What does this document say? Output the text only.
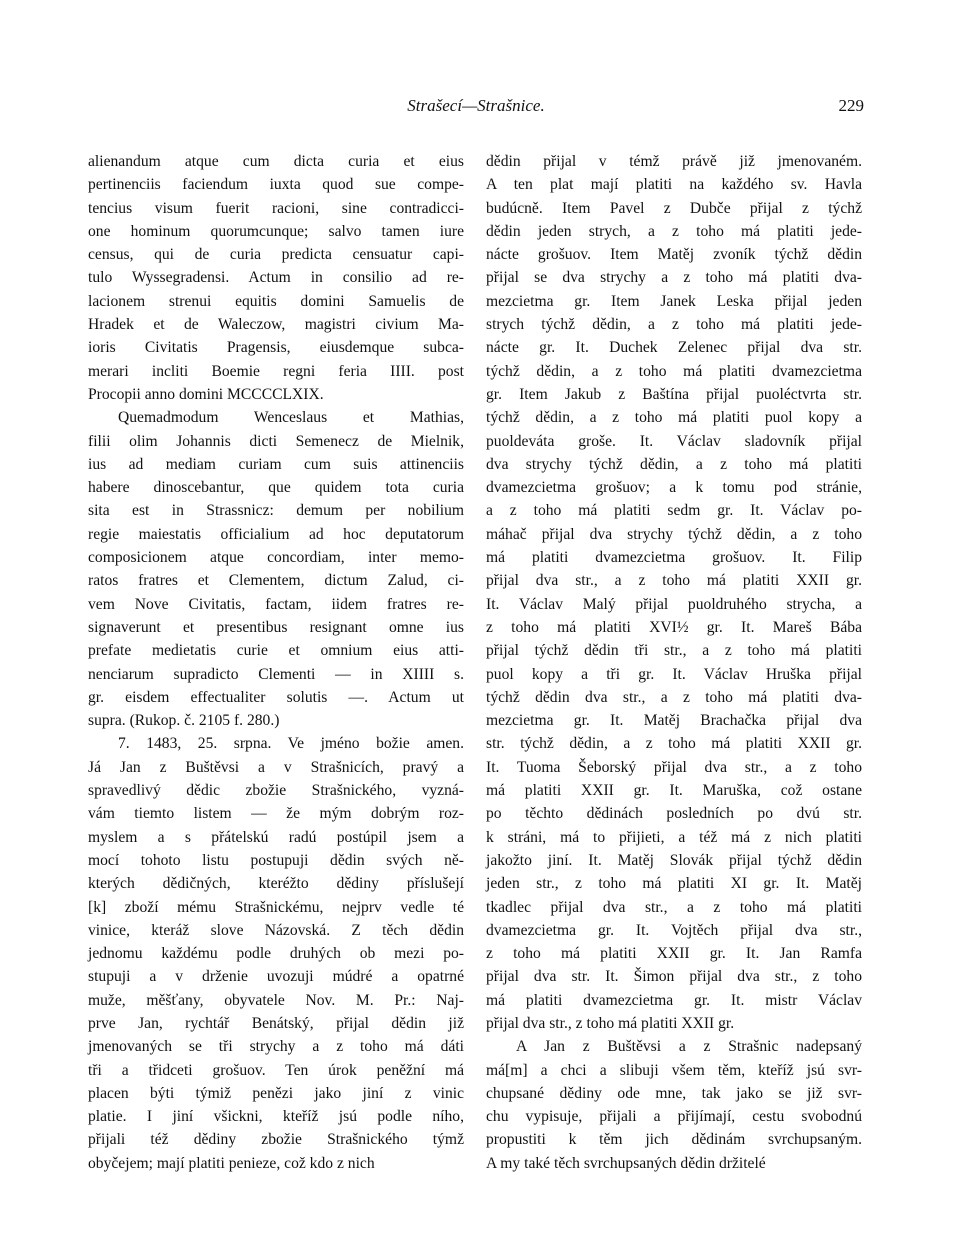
Strašecí—Strašnice.	229
alienandum atque cum dicta curia et eius
pertinenciis faciendum iuxta quod sue compe-
tencius visum fuerit racioni, sine contradicci-
one hominum quorumcunque; salvo tamen iure
census, qui de curia predicta censuatur capi-
tulo Wyssegradensi. Actum in consilio ad re-
lacionem strenui equitis domini Samuelis de
Hradek et de Waleczow, magistri civium Ma-
ioris Civitatis Pragensis, eiusdemque subca-
merari incliti Boemie regni feria IIII. post
Procopii anno domini MCCCCLXIX.
Quemadmodum Wenceslaus et Mathias,
filii olim Johannis dicti Semenecz de Mielnik,
ius ad mediam curiam cum suis attinenciis
habere dinoscebantur, que quidem tota curia
sita est in Strassnicz: demum per nobilium
regie maiestatis officialium ad hoc deputatorum
composicionem atque concordiam, inter memo-
ratos fratres et Clementem, dictum Zalud, ci-
vem Nove Civitatis, factam, iidem fratres re-
signaverunt et presentibus resignant omne ius
prefate medietatis curie et omnium eius atti-
nenciarum supradicto Clementi — in XIIII s.
gr. eisdem effectualiter solutis —. Actum ut
supra. (Rukop. č. 2105 f. 280.)
7. 1483, 25. srpna. Ve jméno božie amen.
Já Jan z Buštěvsi a v Strašnicích, pravý a
spravedlivý dědic zbožie Strašnického, vyzná-
vám tiemto listem — že mým dobrým roz-
myslem a s přátelskú radú postúpil jsem a
mocí tohoto listu postupuji dědin svých ně-
kterých dědičných, kteréžto dědiny příslušejí
[k] zboží mému Strašnickému, nejprv vedle té
vinice, kteráž slove Názovská. Z těch dědin
jednomu každému podle druhých ob mezi po-
stupuji a v drženie uvozuji múdré a opatrné
muže, měšťany, obyvatele Nov. M. Pr.: Naj-
prve Jan, rychtář Benátský, přijal dědin již
jmenovaných se tři strychy a z toho má dáti
tři a třidceti grošuov. Ten úrok peněžní má
placen býti týmiž penězi jako jiní z vinic
platie. I jiní všickni, kteříž jsú podle ního,
přijali též dědiny zbožie Strašnického týmž
obyčejem; mají platiti penieze, což kdo z nich
dědin přijal v témž právě již jmenovaném.
A ten plat mají platiti na každého sv. Havla
budúcně. Item Pavel z Dubče přijal z týchž
dědin jeden strych, a z toho má platiti jede-
nácte grošuov. Item Matěj zvoník týchž dědin
přijal se dva strychy a z toho má platiti dva-
mezcietma gr. Item Janek Leska přijal jeden
strych týchž dědin, a z toho má platiti jede-
nácte gr. It. Duchek Zelenec přijal dva str.
týchž dědin, a z toho má platiti dvamezcietma
gr. Item Jakub z Baštína přijal puoléctvrta str.
týchž dědin, a z toho má platiti puol kopy a
puoldeváta groše. It. Václav sladovník přijal
dva strychy týchž dědin, a z toho má platiti
dvamezcietma grošuov; a k tomu pod stránie,
a z toho má platiti sedm gr. It. Václav po-
máhač přijal dva strychy týchž dědin, a z toho
má platiti dvamezcietma grošuov. It. Filip
přijal dva str., a z toho má platiti XXII gr.
It. Václav Malý přijal puoldruhého strycha, a
z toho má platiti XVI½ gr. It. Mareš Bába
přijal týchž dědin tři str., a z toho má platiti
puol kopy a tři gr. It. Václav Hruška přijal
týchž dědin dva str., a z toho má platiti dva-
mezcietma gr. It. Matěj Brachačka přijal dva
str. týchž dědin, a z toho má platiti XXII gr.
It. Tuoma Šeborský přijal dva str., a z toho
má platiti XXII gr. It. Maruška, což ostane
po těchto dědinách posledních po dvú str.
k stráni, má to přijieti, a též má z nich platiti
jakožto jiní. It. Matěj Slovák přijal týchž dědin
jeden str., z toho má platiti XI gr. It. Matěj
tkadlec přijal dva str., a z toho má platiti
dvamezcietma gr. It. Vojtěch přijal dva str.,
z toho má platiti XXII gr. It. Jan Ramfa
přijal dva str. It. Šimon přijal dva str., z toho
má platiti dvamezcietma gr. It. mistr Václav
přijal dva str., z toho má platiti XXII gr.
A Jan z Buštěvsi a z Strašnic nadepsaný
má[m] a chci a slibuji všem těm, kteříž jsú svr-
chupsané dědiny ode mne, tak jako se již svr-
chu vypisuje, přijali a přijímají, cestu svobodnú
propustiti k těm jich dědinám svrchupsaným.
A my také těch svrchupsaných dědin držitelé
